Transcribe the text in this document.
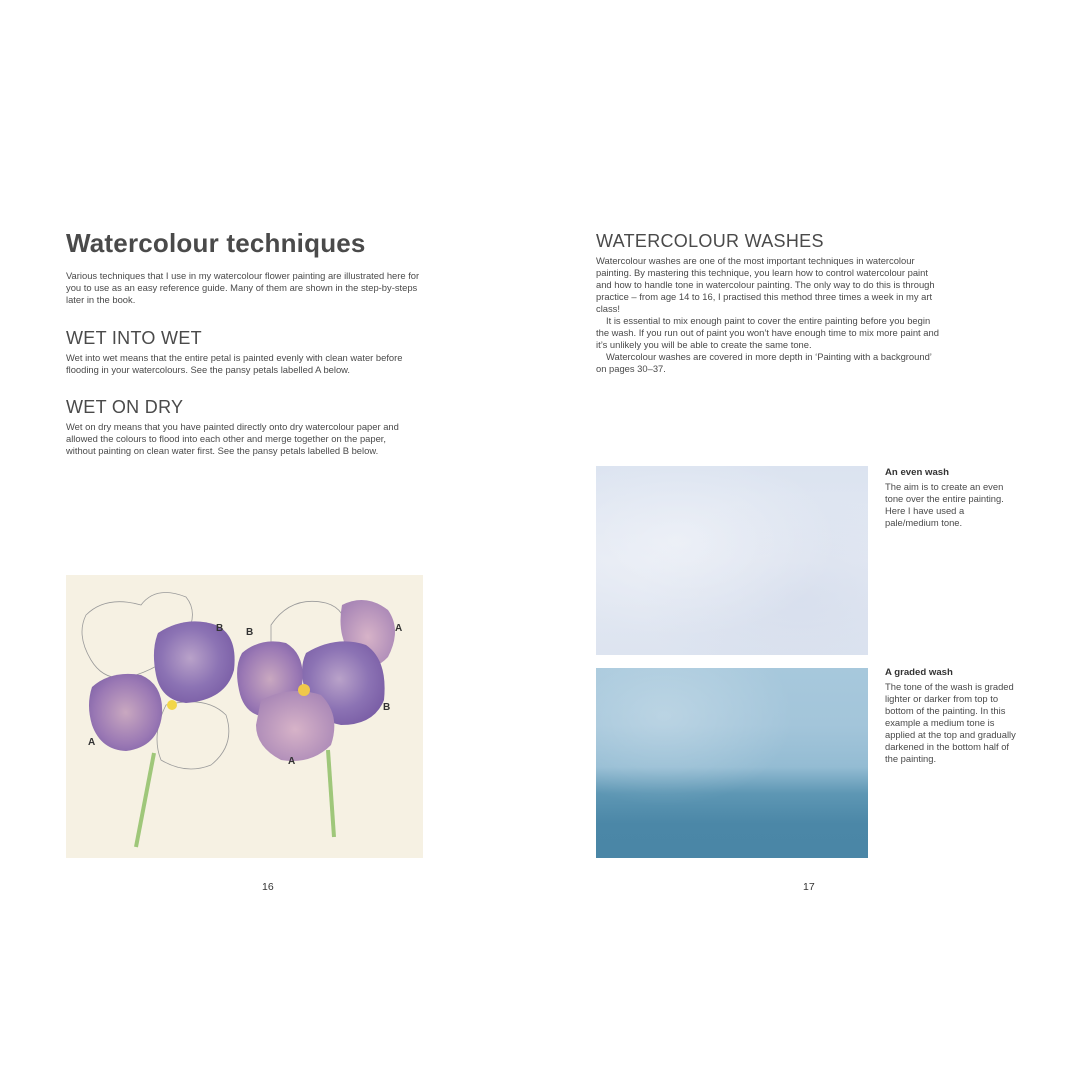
Watercolour techniques

Various techniques that I use in my watercolour flower painting are illustrated here for you to use as an easy reference guide. Many of them are shown in the step-by-steps later in the book.

WET INTO WET

Wet into wet means that the entire petal is painted evenly with clean water before flooding in your watercolours. See the pansy petals labelled A below.

WET ON DRY

Wet on dry means that you have painted directly onto dry watercolour paper and allowed the colours to flood into each other and merge together on the paper, without painting on clean water first. See the pansy petals labelled B below.

B B	A
A
B
A
16
WATERCOLOUR WASHES

Watercolour washes are one of the most important techniques in watercolour painting. By mastering this technique, you learn how to control watercolour paint and how to handle tone in watercolour painting. The only way to do this is through practice – from age 14 to 16, I practised this method three times a week in my art class!

It is essential to mix enough paint to cover the entire painting before you begin the wash. If you run out of paint you won’t have enough time to mix more paint and it’s unlikely you will be able to create the same tone.

Watercolour washes are covered in more depth in ‘Painting with a background’ on pages 30–37.

An even wash

The aim is to create an even tone over the entire painting. Here I have used a pale/medium tone.

A graded wash

The tone of the wash is graded lighter or darker from top to bottom of the painting. In this example a medium tone is applied at the top and gradually darkened in the bottom half of the painting.

17
